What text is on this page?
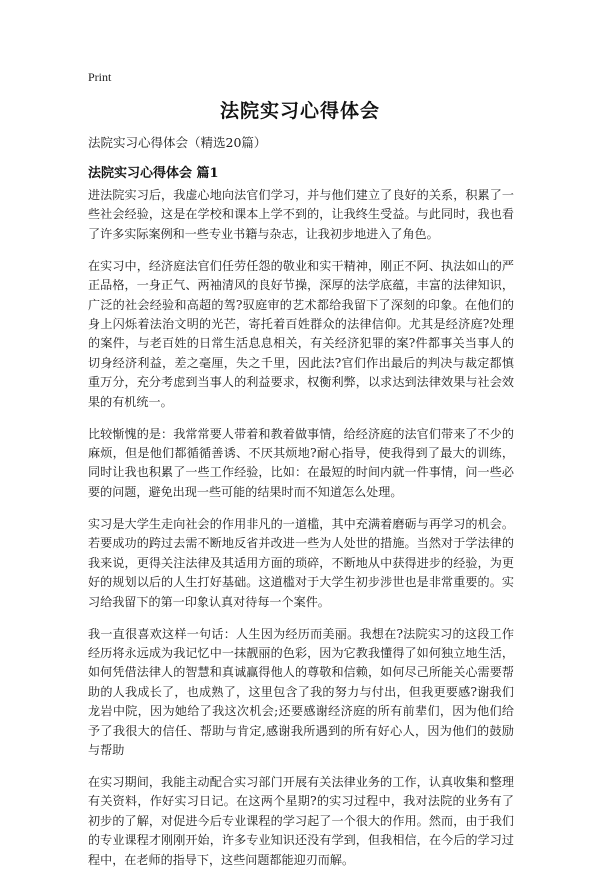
Print
法院实习心得体会
法院实习心得体会（精选20篇）
法院实习心得体会 篇1

进法院实习后，我虚心地向法官们学习，并与他们建立了良好的关系，积累了一些社会经验，这是在学校和课本上学不到的，让我终生受益。与此同时，我也看了许多实际案例和一些专业书籍与杂志，让我初步地进入了角色。

在实习中，经济庭法官们任劳任怨的敬业和实干精神，刚正不阿、执法如山的严正品格，一身正气、两袖清风的良好节操，深厚的法学底蕴，丰富的法律知识，广泛的社会经验和高超的驾?驭庭审的艺术都给我留下了深刻的印象。在他们的身上闪烁着法治文明的光芒，寄托着百姓群众的法律信仰。尤其是经济庭?处理的案件，与老百姓的日常生活息息相关，有关经济犯罪的案?件都事关当事人的切身经济利益，差之毫厘，失之千里，因此法?官们作出最后的判决与裁定都慎重万分，充分考虑到当事人的利益要求，权衡利弊，以求达到法律效果与社会效果的有机统一。

比较惭愧的是：我常常要人带着和教着做事情，给经济庭的法官们带来了不少的麻烦，但是他们都循循善诱、不厌其烦地?耐心指导，使我得到了最大的训练，同时让我也积累了一些工作经验，比如：在最短的时间内就一件事情，问一些必要的问题，避免出现一些可能的结果时而不知道怎么处理。

实习是大学生走向社会的作用非凡的一道槛，其中充满着磨砺与再学习的机会。若要成功的跨过去需不断地反省并改进一些为人处世的措施。当然对于学法律的我来说，更得关注法律及其适用方面的琐碎，不断地从中获得进步的经验，为更好的规划以后的人生打好基础。这道槛对于大学生初步涉世也是非常重要的。实习给我留下的第一印象认真对待每一个案件。

我一直很喜欢这样一句话：人生因为经历而美丽。我想在?法院实习的这段工作经历将永远成为我记忆中一抹靓丽的色彩，因为它教我懂得了如何独立地生活，如何凭借法律人的智慧和真诚赢得他人的尊敬和信赖，如何尽己所能关心需要帮助的人我成长了，也成熟了，这里包含了我的努力与付出，但我更要感?谢我们龙岩中院，因为她给了我这次机会;还要感谢经济庭的所有前辈们，因为他们给予了我很大的信任、帮助与肯定,感谢我所遇到的所有好心人，因为他们的鼓励与帮助

在实习期间，我能主动配合实习部门开展有关法律业务的工作，认真收集和整理有关资料，作好实习日记。在这两个星期?的实习过程中，我对法院的业务有了初步的了解，对促进今后专业课程的学习起了一个很大的作用。然而，由于我们的专业课程才刚刚开始，许多专业知识还没有学到，但我相信，在今后的学习过程中，在老师的指导下，这些问题都能迎刃而解。
